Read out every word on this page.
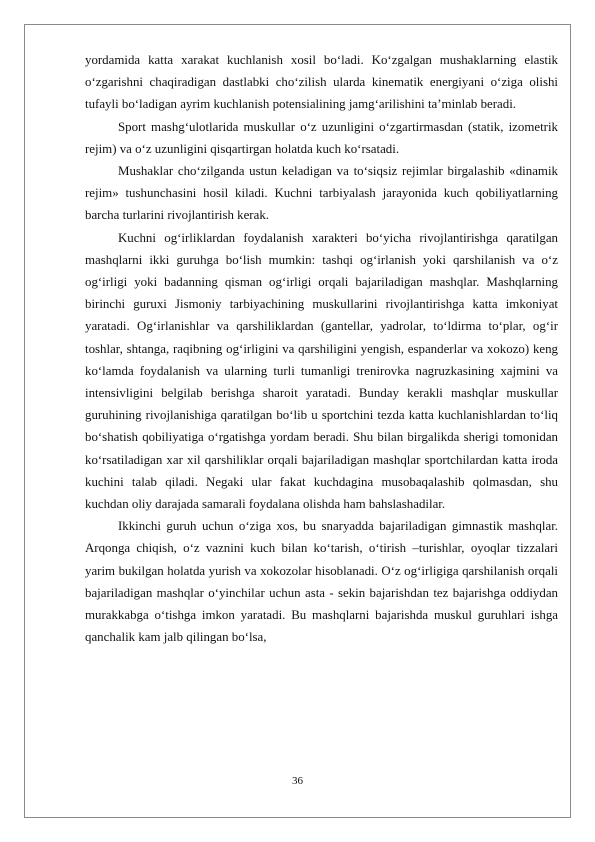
yordamida katta xarakat kuchlanish xosil bo‘ladi. Ko‘zgalgan mushaklarning elastik o‘zgarishni chaqiradigan dastlabki cho‘zilish ularda kinematik energiyani o‘ziga olishi tufayli bo‘ladigan ayrim kuchlanish potensialining jamg‘arilishini ta’minlab beradi.

Sport mashg‘ulotlarida muskullar o‘z uzunligini o‘zgartirmasdan (statik, izometrik rejim) va o‘z uzunligini qisqartirgan holatda kuch ko‘rsatadi.

Mushaklar cho‘zilganda ustun keladigan va to‘siqsiz rejimlar birgalashib «dinamik rejim» tushunchasini hosil kiladi. Kuchni tarbiyalash jarayonida kuch qobiliyatlarning barcha turlarini rivojlantirish kerak.

Kuchni og‘irliklardan foydalanish xarakteri bo‘yicha rivojlantirishga qaratilgan mashqlarni ikki guruhga bo‘lish mumkin: tashqi og‘irlanish yoki qarshilanish va o‘z og‘irligi yoki badanning qisman og‘irligi orqali bajariladigan mashqlar. Mashqlarning birinchi guruxi Jismoniy tarbiyachining muskullarini rivojlantirishga katta imkoniyat yaratadi. Og‘irlanishlar va qarshiliklardan (gantellar, yadrolar, to‘ldirma to‘plar, og‘ir toshlar, shtanga, raqibning og‘irligini va qarshiligini yengish, espanderlar va xokozo) keng ko‘lamda foydalanish va ularning turli tumanligi trenirovka nagruzkasining xajmini va intensivligini belgilab berishga sharoit yaratadi. Bunday kerakli mashqlar muskullar guruhining rivojlanishiga qaratilgan bo‘lib u sportchini tezda katta kuchlanishlardan to‘liq bo‘shatish qobiliyatiga o‘rgatishga yordam beradi. Shu bilan birgalikda sherigi tomonidan ko‘rsatiladigan xar xil qarshiliklar orqali bajariladigan mashqlar sportchilardan katta iroda kuchini talab qiladi. Negaki ular fakat kuchdagina musobaqalashib qolmasdan, shu kuchdan oliy darajada samarali foydalana olishda ham bahslashadilar.

Ikkinchi guruh uchun o‘ziga xos, bu snaryadda bajariladigan gimnastik mashqlar. Arqonga chiqish, o‘z vaznini kuch bilan ko‘tarish, o‘tirish –turishlar, oyoqlar tizzalari yarim bukilgan holatda yurish va xokozolar hisoblanadi. O‘z og‘irligiga qarshilanish orqali bajariladigan mashqlar o‘yinchilar uchun asta - sekin bajarishdan tez bajarishga oddiydan murakkabga o‘tishga imkon yaratadi. Bu mashqlarni bajarishda muskul guruhlari ishga qanchalik kam jalb qilingan bo‘lsa,

36
